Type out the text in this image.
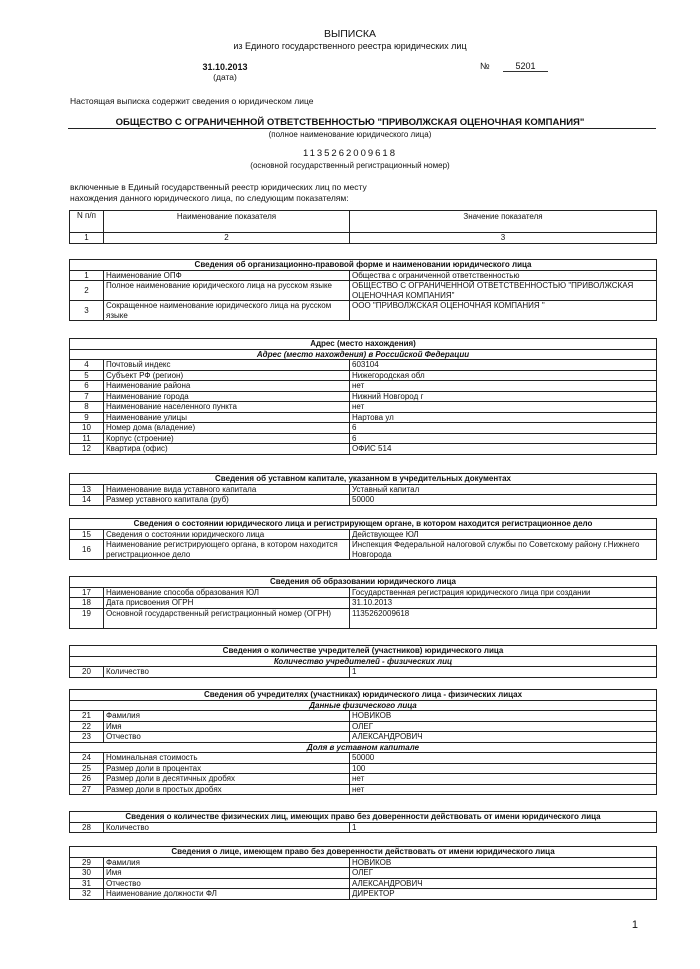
ВЫПИСКА
из Единого государственного реестра юридических лиц
31.10.2013
(дата)
№	5201
Настоящая выписка содержит сведения о юридическом лице
ОБЩЕСТВО С ОГРАНИЧЕННОЙ ОТВЕТСТВЕННОСТЬЮ "ПРИВОЛЖСКАЯ ОЦЕНОЧНАЯ КОМПАНИЯ"
(полное наименование юридического лица)
1135262009618
(основной государственный регистрационный номер)
включенные в Единый государственный реестр юридических лиц по месту
нахождения данного юридического лица, по следующим показателям:
N п/п	Наименование показателя	Значение показателя
1	2	3
Сведения об организационно-правовой форме и наименовании юридического лица		
1	Наименование ОПФ	Общества с ограниченной ответственностью
2	Полное наименование юридического лица на русском языке	ОБЩЕСТВО С ОГРАНИЧЕННОЙ ОТВЕТСТВЕННОСТЬЮ "ПРИВОЛЖСКАЯ ОЦЕНОЧНАЯ КОМПАНИЯ"
3	Сокращенное наименование юридического лица на русском языке	ООО "ПРИВОЛЖСКАЯ ОЦЕНОЧНАЯ КОМПАНИЯ "
Адрес (место нахождения)		
Адрес (место нахождения) в Российской Федерации		
4	Почтовый индекс	603104
5	Субъект РФ (регион)	Нижегородская обл
6	Наименование района	нет
7	Наименование города	Нижний Новгород г
8	Наименование населенного пункта	нет
9	Наименование улицы	Нартова ул
10	Номер дома (владение)	6
11	Корпус (строение)	6
12	Квартира (офис)	ОФИС 514
Сведения об уставном капитале, указанном в учредительных документах		
13	Наименование вида уставного капитала	Уставный капитал
14	Размер уставного капитала (руб)	50000
Сведения о состоянии юридического лица и регистрирующем органе, в котором находится регистрационное дело		
15	Сведения о состоянии юридического лица	Действующее ЮЛ
16	Наименование регистрирующего органа, в котором находится регистрационное дело	Инспекция Федеральной налоговой службы по Советскому району г.Нижнего Новгорода
Сведения об образовании юридического лица		
17	Наименование способа образования ЮЛ	Государственная регистрация юридического лица при создании
18	Дата присвоения ОГРН	31.10.2013
19	Основной государственный регистрационный номер (ОГРН)	1135262009618
Сведения о количестве учредителей (участников) юридического лица
Количество учредителей - физических лиц
20	Количество	1
Сведения об учредителях (участниках) юридического лица - физических лицах		
Данные физического лица		
21	Фамилия	НОВИКОВ
22	Имя	ОЛЕГ
23	Отчество	АЛЕКСАНДРОВИЧ
Доля в уставном капитале		
24	Номинальная стоимость	50000
25	Размер доли в процентах	100
26	Размер доли в десятичных дробях	нет
27	Размер доли в простых дробях	нет
Сведения о количестве физических лиц, имеющих право без доверенности действовать от имени юридического лица
28	Количество	1
Сведения о лице, имеющем право без доверенности действовать от имени юридического лица		
29	Фамилия	НОВИКОВ
30	Имя	ОЛЕГ
31	Отчество	АЛЕКСАНДРОВИЧ
32	Наименование должности ФЛ	ДИРЕКТОР
1
